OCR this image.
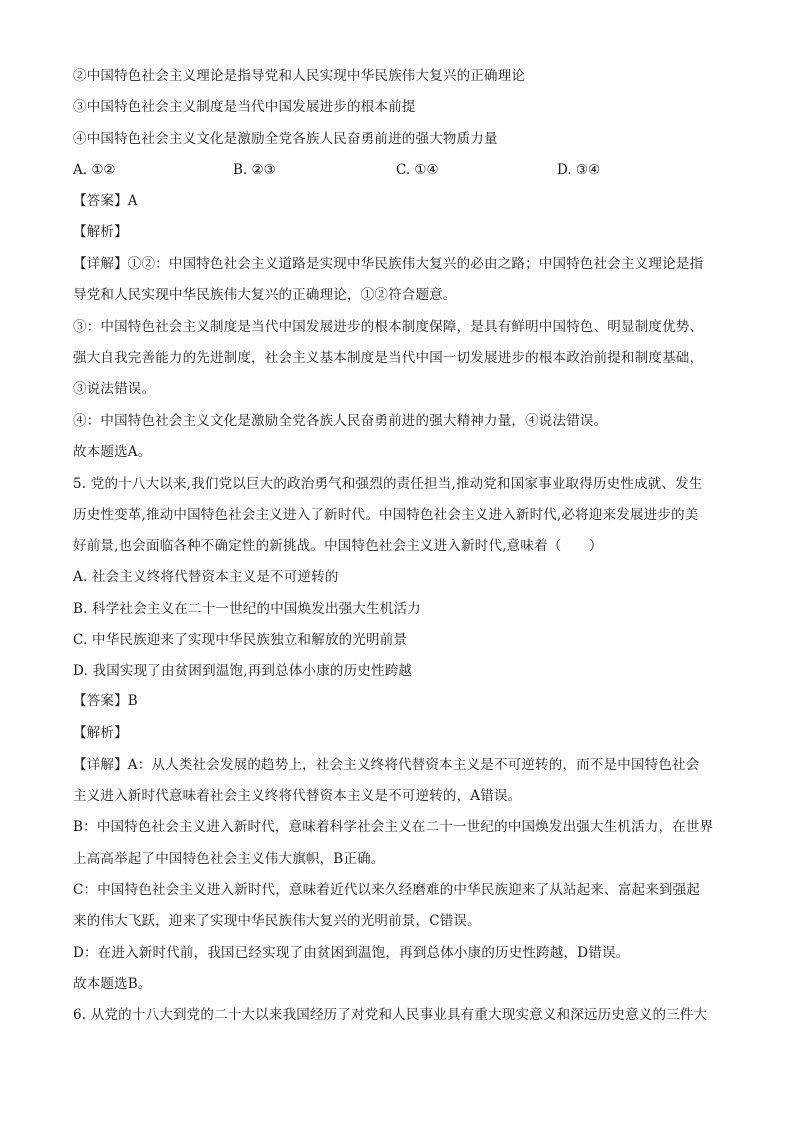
②中国特色社会主义理论是指导党和人民实现中华民族伟大复兴的正确理论
③中国特色社会主义制度是当代中国发展进步的根本前提
④中国特色社会主义文化是激励全党各族人民奋勇前进的强大物质力量
A. ①②	B. ②③	C. ①④	D. ③④
【答案】A
【解析】
【详解】①②：中国特色社会主义道路是实现中华民族伟大复兴的必由之路；中国特色社会主义理论是指
导党和人民实现中华民族伟大复兴的正确理论，①②符合题意。
③：中国特色社会主义制度是当代中国发展进步的根本制度保障，是具有鲜明中国特色、明显制度优势、
强大自我完善能力的先进制度，社会主义基本制度是当代中国一切发展进步的根本政治前提和制度基础，
③说法错误。
④：中国特色社会主义文化是激励全党各族人民奋勇前进的强大精神力量，④说法错误。
故本题选A。
5. 党的十八大以来,我们党以巨大的政治勇气和强烈的责任担当,推动党和国家事业取得历史性成就、发生
历史性变革,推动中国特色社会主义进入了新时代。中国特色社会主义进入新时代,必将迎来发展进步的美
好前景,也会面临各种不确定性的新挑战。中国特色社会主义进入新时代,意味着（　　）
A. 社会主义终将代替资本主义是不可逆转的
B. 科学社会主义在二十一世纪的中国焕发出强大生机活力
C. 中华民族迎来了实现中华民族独立和解放的光明前景
D. 我国实现了由贫困到温饱,再到总体小康的历史性跨越
【答案】B
【解析】
【详解】A：从人类社会发展的趋势上，社会主义终将代替资本主义是不可逆转的，而不是中国特色社会
主义进入新时代意味着社会主义终将代替资本主义是不可逆转的，A错误。
B：中国特色社会主义进入新时代，意味着科学社会主义在二十一世纪的中国焕发出强大生机活力，在世界
上高高举起了中国特色社会主义伟大旗帜，B正确。
C：中国特色社会主义进入新时代，意味着近代以来久经磨难的中华民族迎来了从站起来、富起来到强起
来的伟大飞跃，迎来了实现中华民族伟大复兴的光明前景，C错误。
D：在进入新时代前，我国已经实现了由贫困到温饱，再到总体小康的历史性跨越，D错误。
故本题选B。
6. 从党的十八大到党的二十大以来我国经历了对党和人民事业具有重大现实意义和深远历史意义的三件大
